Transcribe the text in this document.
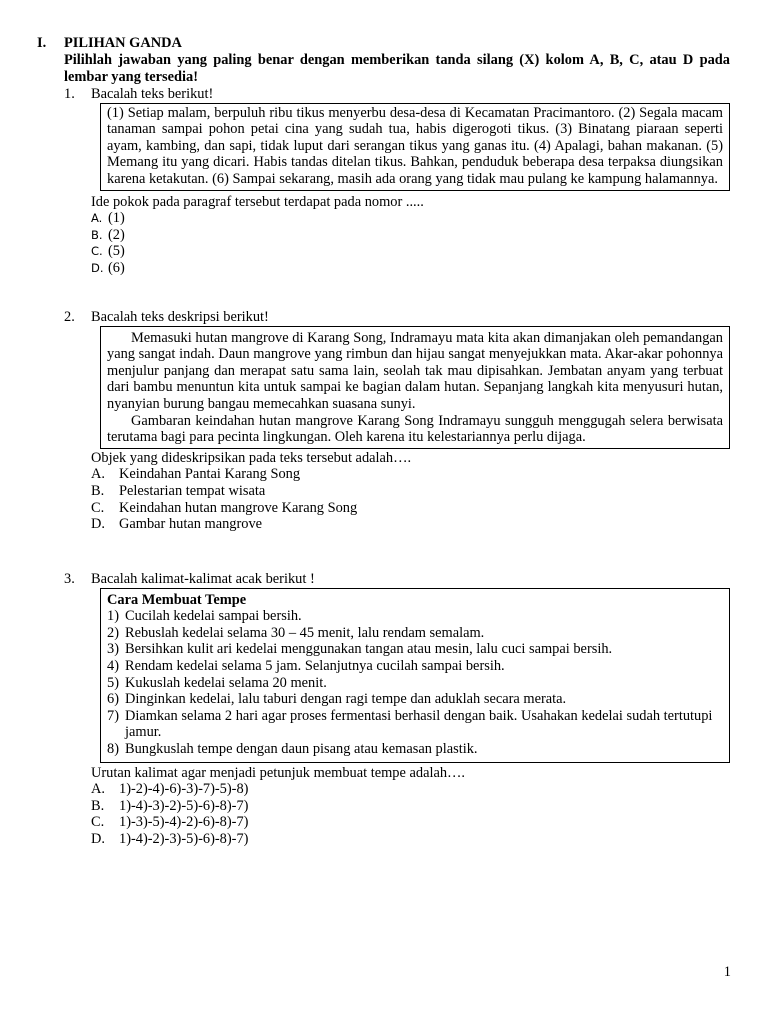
I. PILIHAN GANDA
Pilihlah jawaban yang paling benar dengan memberikan tanda silang (X) kolom A, B, C, atau D pada lembar yang tersedia!
1. Bacalah teks berikut!

(1) Setiap malam, berpuluh ribu tikus menyerbu desa-desa di Kecamatan Pracimantoro. (2) Segala macam tanaman sampai pohon petai cina yang sudah tua, habis digerogoti tikus. (3) Binatang piaraan seperti ayam, kambing, dan sapi, tidak luput dari serangan tikus yang ganas itu. (4) Apalagi, bahan makanan. (5) Memang itu yang dicari. Habis tandas ditelan tikus. Bahkan, penduduk beberapa desa terpaksa diungsikan karena ketakutan. (6) Sampai sekarang, masih ada orang yang tidak mau pulang ke kampung halamannya.

Ide pokok pada paragraf tersebut terdapat pada nomor .....
A. (1)
B. (2)
C. (5)
D. (6)
2. Bacalah teks deskripsi berikut!

Memasuki hutan mangrove di Karang Song, Indramayu mata kita akan dimanjakan oleh pemandangan yang sangat indah. Daun mangrove yang rimbun dan hijau sangat menyejukkan mata. Akar-akar pohonnya menjulur panjang dan merapat satu sama lain, seolah tak mau dipisahkan. Jembatan anyam yang terbuat dari bambu menuntun kita untuk sampai ke bagian dalam hutan. Sepanjang langkah kita menyusuri hutan, nyanyian burung bangau memecahkan suasana sunyi.

Gambaran keindahan hutan mangrove Karang Song Indramayu sungguh menggugah selera berwisata terutama bagi para pecinta lingkungan. Oleh karena itu kelestariannya perlu dijaga.

Objek yang dideskripsikan pada teks tersebut adalah….
A. Keindahan Pantai Karang Song
B.	Pelestarian tempat wisata
C.	Keindahan hutan mangrove Karang Song
D. Gambar hutan mangrove
3. Bacalah kalimat-kalimat acak berikut !
Cara Membuat Tempe
1) Cucilah kedelai sampai bersih.
2) Rebuslah kedelai selama 30 – 45 menit, lalu rendam semalam.
3) Bersihkan kulit ari kedelai menggunakan tangan atau mesin, lalu cuci sampai bersih.
4) Rendam kedelai selama 5 jam. Selanjutnya cucilah sampai bersih.
5) Kukuslah kedelai selama 20 menit.
6) Dinginkan kedelai, lalu taburi dengan ragi tempe dan aduklah secara merata.
7) Diamkan selama 2 hari agar proses fermentasi berhasil dengan baik. Usahakan kedelai sudah tertutupi jamur.
8) Bungkuslah tempe dengan daun pisang atau kemasan plastik.
Urutan kalimat agar menjadi petunjuk membuat tempe adalah….
A. 1)-2)-4)-6)-3)-7)-5)-8)
B.	1)-4)-3)-2)-5)-6)-8)-7)
C.	1)-3)-5)-4)-2)-6)-8)-7)
D. 1)-4)-2)-3)-5)-6)-8)-7)
1
